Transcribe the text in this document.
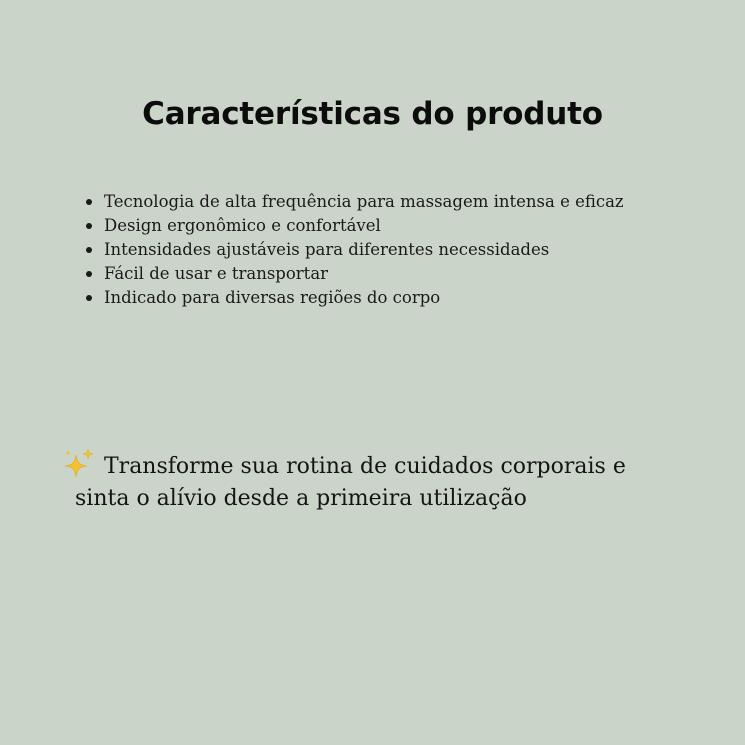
Características do produto
Tecnologia de alta frequência para massagem intensa e eficaz
Design ergonômico e confortável
Intensidades ajustáveis para diferentes necessidades
Fácil de usar e transportar
Indicado para diversas regiões do corpo
Transforme sua rotina de cuidados corporais e
sinta o alívio desde a primeira utilização
